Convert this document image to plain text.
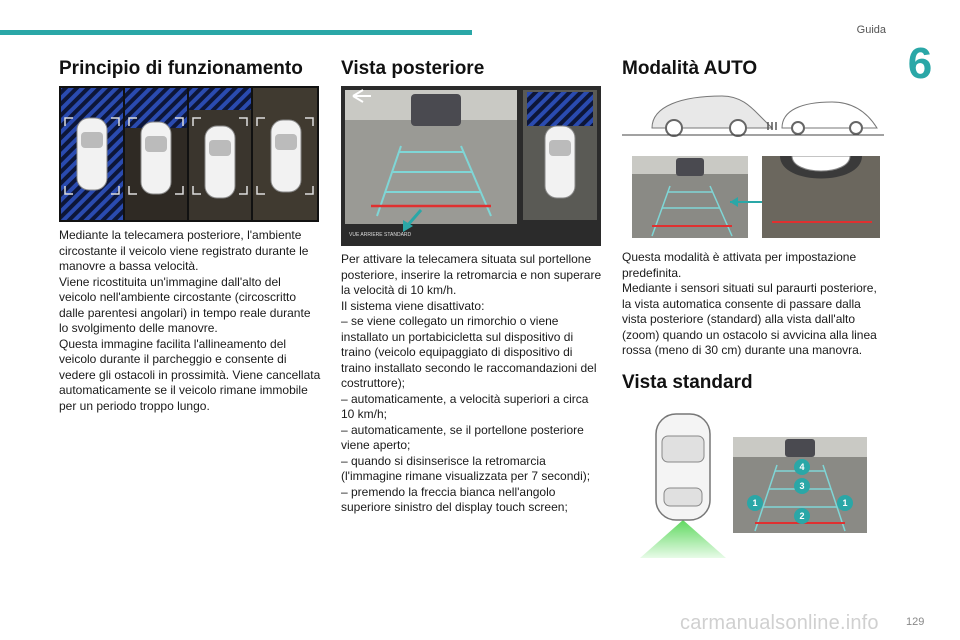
Guida
6
Principio di funzionamento

Mediante la telecamera posteriore, l'ambiente circostante il veicolo viene registrato durante le manovre a bassa velocità.
Viene ricostituita un'immagine dall'alto del veicolo nell'ambiente circostante (circoscritto dalle parentesi angolari) in tempo reale durante lo svolgimento delle manovre.
Questa immagine facilita l'allineamento del veicolo durante il parcheggio e consente di vedere gli ostacoli in prossimità. Viene cancellata automaticamente se il veicolo rimane immobile per un periodo troppo lungo.

Vista posteriore
VUE ARRIERE STANDARD

Per attivare la telecamera situata sul portellone posteriore, inserire la retromarcia e non superare la velocità di 10 km/h.
Il sistema viene disattivato:
– se viene collegato un rimorchio o viene installato un portabicicletta sul dispositivo di traino (veicolo equipaggiato di dispositivo di traino installato secondo le raccomandazioni del costruttore);
– automaticamente, a velocità superiori a circa 10 km/h;
– automaticamente, se il portellone posteriore viene aperto;
– quando si disinserisce la retromarcia (l'immagine rimane visualizzata per 7 secondi);
– premendo la freccia bianca nell'angolo superiore sinistro del display touch screen;

Modalità AUTO

Questa modalità è attivata per impostazione predefinita.
Mediante i sensori situati sul paraurti posteriore, la vista automatica consente di passare dalla vista posteriore (standard) alla vista dall'alto (zoom) quando un ostacolo si avvicina alla linea rossa (meno di 30 cm) durante una manovra.

Vista standard
4
3
1
2
1
carmanualsonline.info 129
